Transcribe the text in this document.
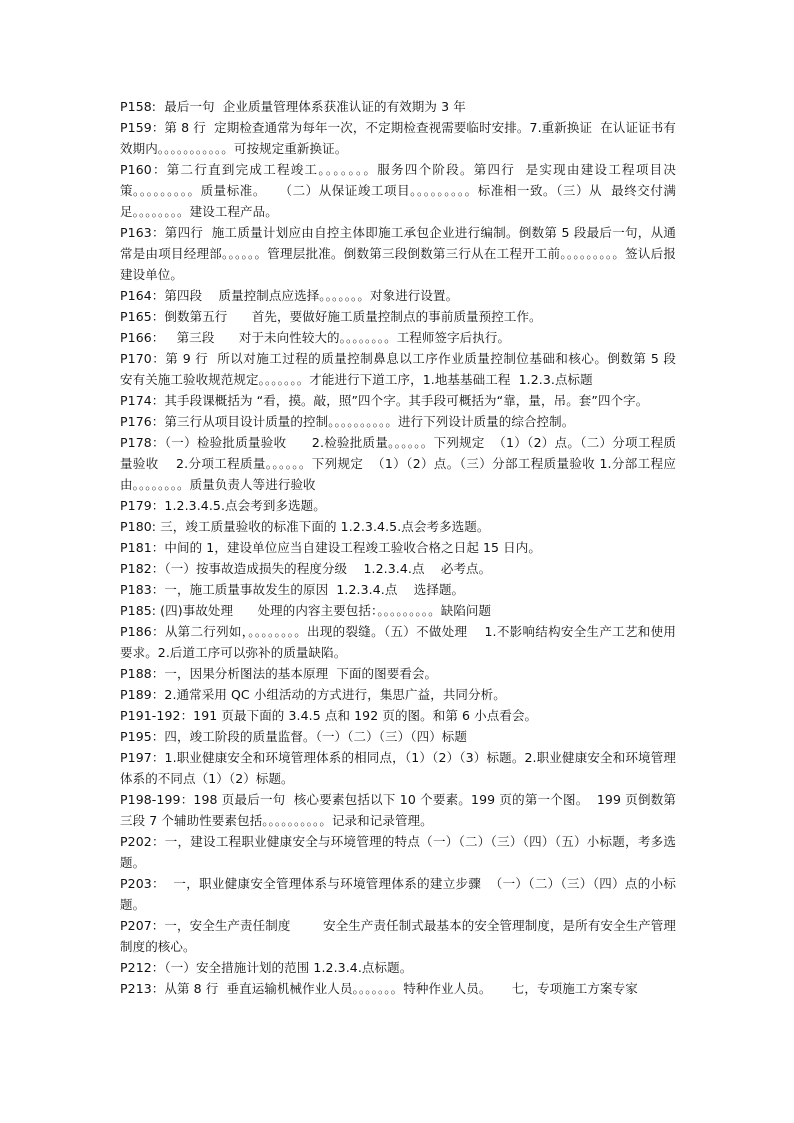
P158:  最后一句  企业质量管理体系获准认证的有效期为 3 年

P159：第 8 行  定期检查通常为每年一次，不定期检查视需要临时安排。7.重新换证  在认证证书有效期内。。。。。。。。。。。可按规定重新换证。

P160：第二行直到完成工程竣工。。。。。。。服务四个阶段。第四行  是实现由建设工程项目决策。。。。。。。。。质量标准。   （二）从保证竣工项目。。。。。。。。。标准相一致。（三）从  最终交付满足。。。。。。。。建设工程产品。

P163：第四行  施工质量计划应由自控主体即施工承包企业进行编制。倒数第 5 段最后一句，从通常是由项目经理部。。。。。。管理层批准。倒数第三段倒数第三行从在工程开工前。。。。。。。。。签认后报建设单位。

P164：第四段    质量控制点应选择。。。。。。。对象进行设置。

P165：倒数第五行      首先，要做好施工质量控制点的事前质量预控工作。

P166：   第三段      对于未向性较大的。。。。。。。。工程师签字后执行。

P170：第 9 行  所以对施工过程的质量控制鼻息以工序作业质量控制位基础和核心。倒数第 5 段  安有关施工验收规范规定。。。。。。。才能进行下道工序，1.地基基础工程  1.2.3.点标题

P174：其手段课概括为 “看，摸。敲，照”四个字。其手段可概括为“靠，量，吊。套”四个字。

P176：第三行从项目设计质量的控制。。。。。。。。。。进行下列设计质量的综合控制。

P178：（一）检验批质量验收      2.检验批质量。。。。。。下列规定  （1）（2）点。（二）分项工程质量验收    2.分项工程质量。。。。。。下列规定  （1）（2）点。（三）分部工程质量验收 1.分部工程应由。。。。。。。。质量负责人等进行验收

P179：1.2.3.4.5.点会考到多选题。

P180: 三，竣工质量验收的标准下面的 1.2.3.4.5.点会考多选题。

P181：中间的 1，建设单位应当自建设工程竣工验收合格之日起 15 日内。

P182：（一）按事故造成损失的程度分级    1.2.3.4.点    必考点。

P183：一，施工质量事故发生的原因  1.2.3.4.点    选择题。

P185: (四)事故处理      处理的内容主要包括：。。。。。。。。。缺陷问题

P186：从第二行列如，。。。。。。。。出现的裂缝。（五）不做处理    1.不影响结构安全生产工艺和使用要求。2.后道工序可以弥补的质量缺陷。

P188：一，因果分析图法的基本原理  下面的图要看会。

P189：2.通常采用 QC 小组活动的方式进行，集思广益，共同分析。

P191-192：191 页最下面的 3.4.5 点和 192 页的图。和第 6 小点看会。

P195：四，竣工阶段的质量监督。（一）（二）（三）（四）标题

P197：1.职业健康安全和环境管理体系的相同点，（1）（2）（3）标题。2.职业健康安全和环境管理体系的不同点（1）（2）标题。

P198-199：198 页最后一句  核心要素包括以下 10 个要素。199 页的第一个图。  199 页倒数第三段 7 个辅助性要素包括。。。。。。。。。。记录和记录管理。

P202：一，建设工程职业健康安全与环境管理的特点（一）（二）（三）（四）（五）小标题，考多选题。

P203：  一，职业健康安全管理体系与环境管理体系的建立步骤  （一）（二）（三）（四）点的小标题。

P207：一，安全生产责任制度        安全生产责任制式最基本的安全管理制度，是所有安全生产管理制度的核心。

P212：（一）安全措施计划的范围 1.2.3.4.点标题。

P213：从第 8 行  垂直运输机械作业人员。。。。。。。特种作业人员。     七，专项施工方案专家
